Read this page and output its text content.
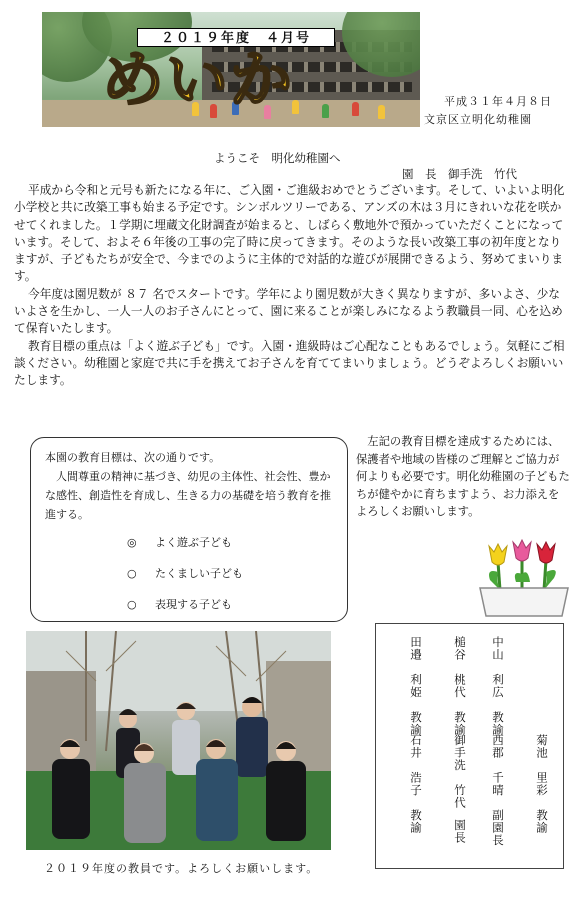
２０１９年度　４月号
めいか	平成３１年４月８日
文京区立明化幼稚園
ようこそ　明化幼稚園へ
園　長　御手洗　竹代

平成から令和と元号も新たになる年に、ご入園・ご進級おめでとうございます。そして、いよいよ明化小学校と共に改築工事も始まる予定です。シンボルツリーである、アンズの木は３月にきれいな花を咲かせてくれました。１学期に埋蔵文化財調査が始まると、しばらく敷地外で預かっていただくことになっています。そして、およそ６年後の工事の完了時に戻ってきます。そのような長い改築工事の初年度となりますが、子どもたちが安全で、今までのように主体的で対話的な遊びが展開できるよう、努めてまいります。

今年度は園児数が ８７ 名でスタートです。学年により園児数が大きく異なりますが、多いよさ、少ないよさを生かし、一人一人のお子さんにとって、園に来ることが楽しみになるよう教職員一同、心を込めて保育いたします。

教育目標の重点は「よく遊ぶ子ども」です。入園・進級時はご心配なこともあるでしょう。気軽にご相談ください。幼稚園と家庭で共に手を携えてお子さんを育ててまいりましょう。どうぞよろしくお願いいたします。

本園の教育目標は、次の通りです。

人間尊重の精神に基づき、幼児の主体性、社会性、豊かな感性、創造性を育成し、生きる力の基礎を培う教育を推進する。

◎ よく遊ぶ子ども
○ たくましい子ども
○ 表現する子ども

左記の教育目標を達成するためには、保護者や地域の皆様のご理解とご協力が何よりも必要です。明化幼稚園の子どもたちが健やかに育ちますよう、お力添えをよろしくお願いします。

２０１９年度の教員です。よろしくお願いします。
中山　利広教諭
槌谷　桃代教諭
田邉　利姫教諭
菊池　里彩教諭
西郡　千晴副園長
御手洗　竹代園長
石井　浩子教諭
